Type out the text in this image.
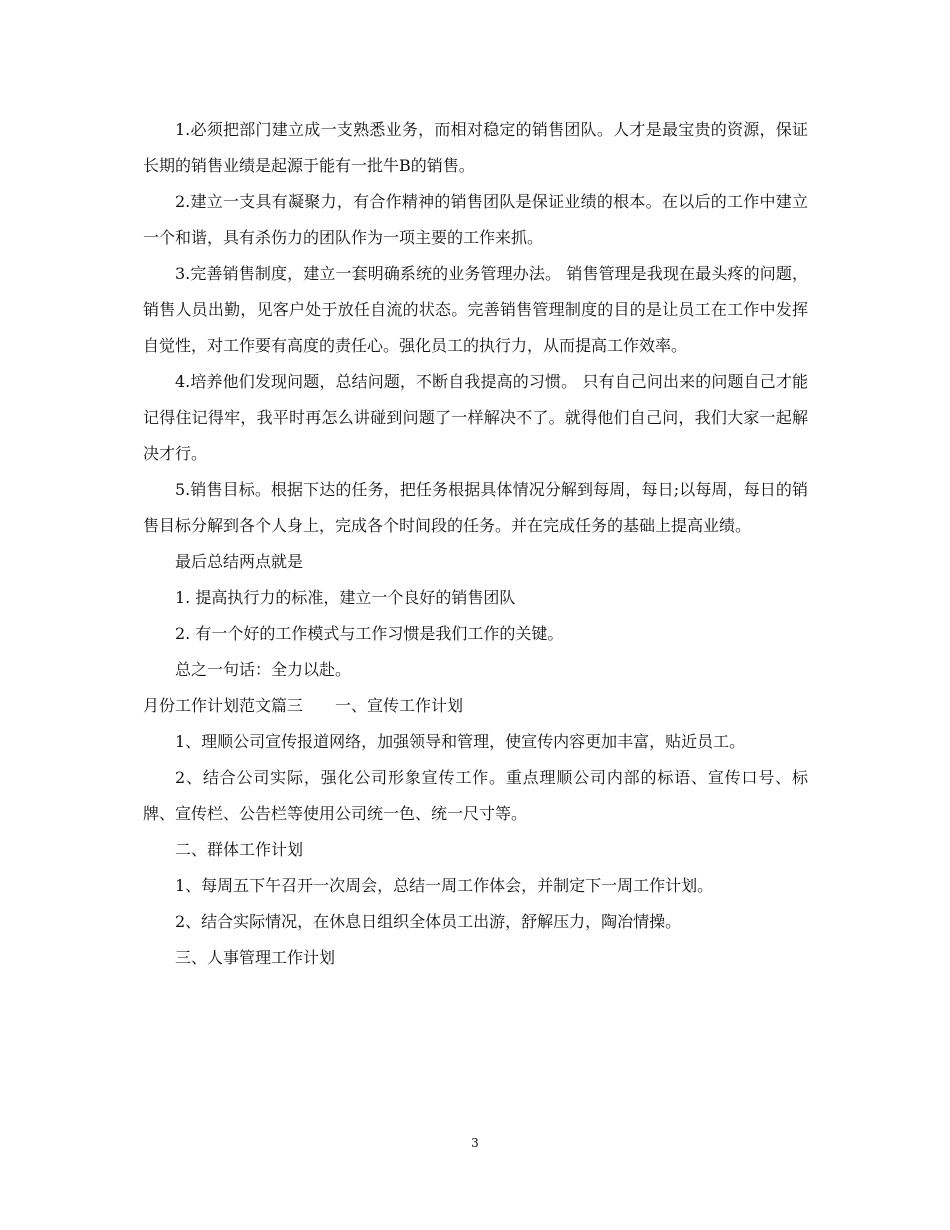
1.必须把部门建立成一支熟悉业务，而相对稳定的销售团队。人才是最宝贵的资源，保证长期的销售业绩是起源于能有一批牛B的销售。

2.建立一支具有凝聚力，有合作精神的销售团队是保证业绩的根本。在以后的工作中建立一个和谐，具有杀伤力的团队作为一项主要的工作来抓。

3.完善销售制度，建立一套明确系统的业务管理办法。 销售管理是我现在最头疼的问题，销售人员出勤，见客户处于放任自流的状态。完善销售管理制度的目的是让员工在工作中发挥自觉性，对工作要有高度的责任心。强化员工的执行力，从而提高工作效率。

4.培养他们发现问题，总结问题，不断自我提高的习惯。 只有自己问出来的问题自己才能记得住记得牢，我平时再怎么讲碰到问题了一样解决不了。就得他们自己问，我们大家一起解决才行。

5.销售目标。根据下达的任务，把任务根据具体情况分解到每周，每日;以每周，每日的销售目标分解到各个人身上，完成各个时间段的任务。并在完成任务的基础上提高业绩。

最后总结两点就是

1. 提高执行力的标准，建立一个良好的销售团队

2. 有一个好的工作模式与工作习惯是我们工作的关键。

总之一句话：全力以赴。

月份工作计划范文篇三　　一、宣传工作计划

1、理顺公司宣传报道网络，加强领导和管理，使宣传内容更加丰富，贴近员工。

2、结合公司实际，强化公司形象宣传工作。重点理顺公司内部的标语、宣传口号、标牌、宣传栏、公告栏等使用公司统一色、统一尺寸等。

二、群体工作计划

1、每周五下午召开一次周会，总结一周工作体会，并制定下一周工作计划。

2、结合实际情况，在休息日组织全体员工出游，舒解压力，陶冶情操。

三、人事管理工作计划

3
